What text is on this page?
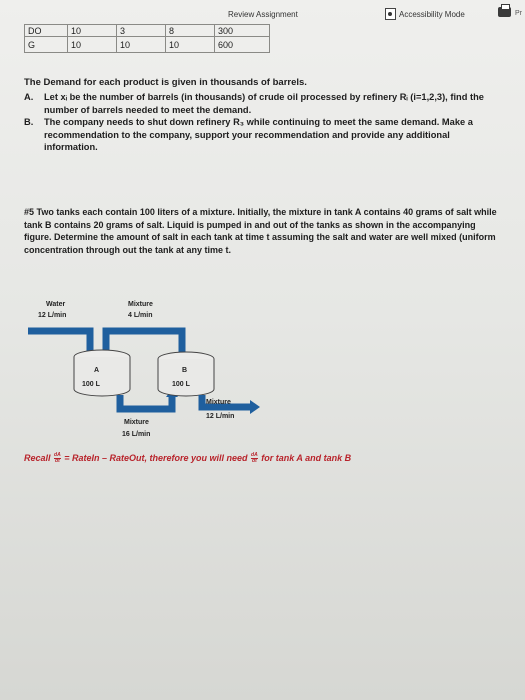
Review Assignment	Accessibility Mode	Pr
DO	10	3	8	300
G	10	10	10	600
The Demand for each product is given in thousands of barrels.
A.	Let xᵢ be the number of barrels (in thousands) of crude oil processed by refinery Rᵢ (i=1,2,3), find the number of barrels needed to meet the demand.
B.	The company needs to shut down refinery R₃ while continuing to meet the same demand. Make a recommendation to the company, support your recommendation and provide any additional information.
#5 Two tanks each contain 100 liters of a mixture. Initially, the mixture in tank A contains 40 grams of salt while tank B contains 20 grams of salt. Liquid is pumped in and out of the tanks as shown in the accompanying figure. Determine the amount of salt in each tank at time t assuming the salt and water are well mixed (uniform concentration through out the tank at any time t.
Water
12 L/min
Mixture
4 L/min
A
100 L
B
100 L
Mixture
12 L/min
Mixture
16 L/min
Recall $\frac{dA}{dt}$ = RateIn – RateOut, therefore you will need $\frac{dA}{dt}$ for tank A and tank B
